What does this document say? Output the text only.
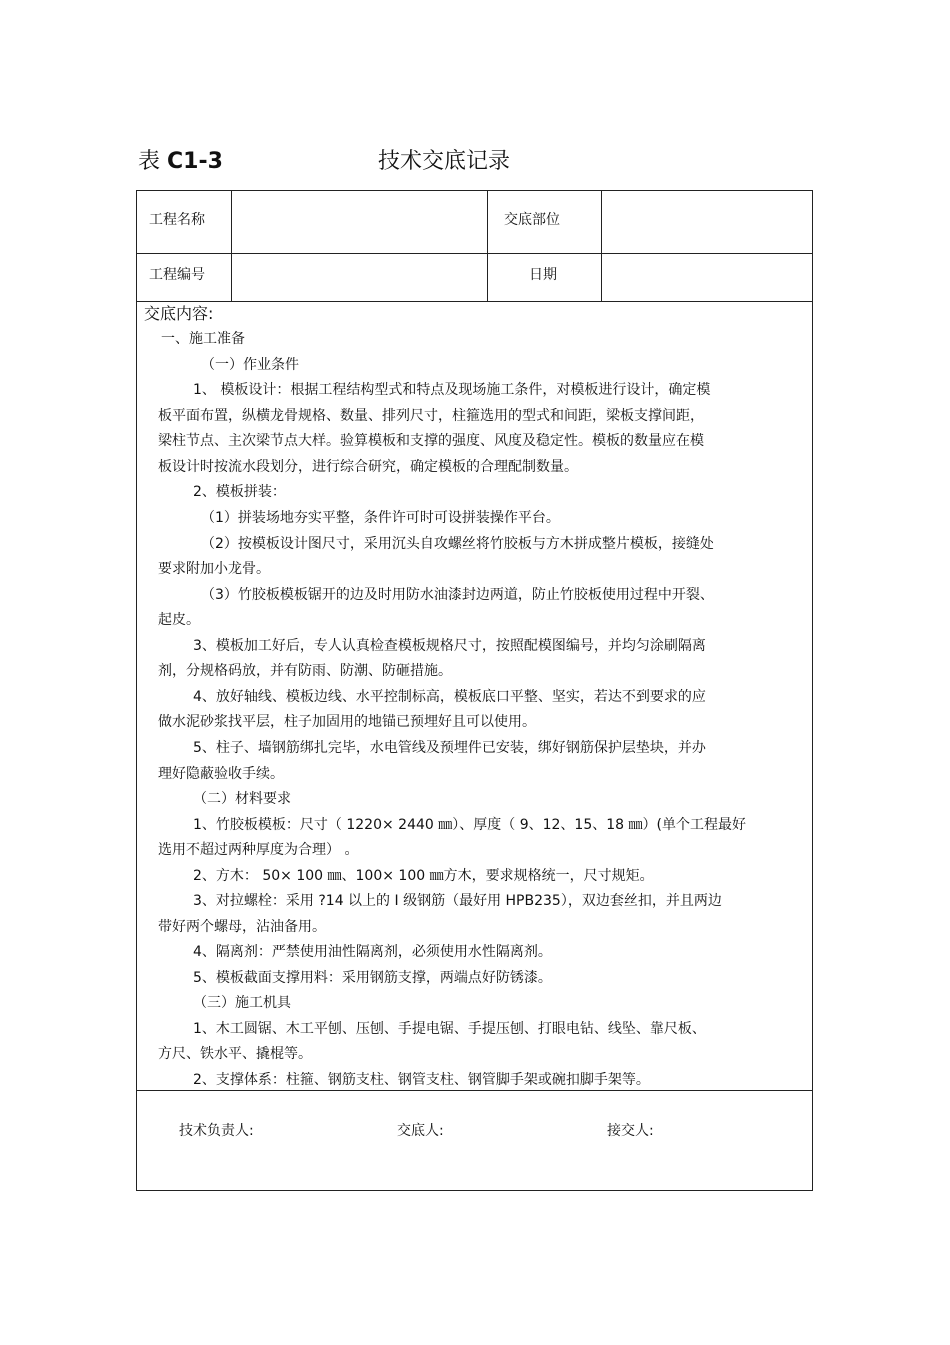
表 C1-3	技术交底记录
工程名称	交底部位
工程编号	日期
交底内容:
一、施工准备
（一）作业条件
1、 模板设计：根据工程结构型式和特点及现场施工条件，对模板进行设计，确定模
板平面布置，纵横龙骨规格、数量、排列尺寸，柱箍选用的型式和间距，梁板支撑间距，
梁柱节点、主次梁节点大样。验算模板和支撑的强度、风度及稳定性。模板的数量应在模
板设计时按流水段划分，进行综合研究，确定模板的合理配制数量。
2、模板拼装：
（1）拼装场地夯实平整，条件许可时可设拼装操作平台。
（2）按模板设计图尺寸，采用沉头自攻螺丝将竹胶板与方木拼成整片模板，接缝处
要求附加小龙骨。
（3）竹胶板模板锯开的边及时用防水油漆封边两道，防止竹胶板使用过程中开裂、
起皮。
3、模板加工好后，专人认真检查模板规格尺寸，按照配模图编号，并均匀涂刷隔离
剂，分规格码放，并有防雨、防潮、防砸措施。
4、放好轴线、模板边线、水平控制标高，模板底口平整、坚实，若达不到要求的应
做水泥砂浆找平层，柱子加固用的地锚已预埋好且可以使用。
5、柱子、墙钢筋绑扎完毕，水电管线及预埋件已安装，绑好钢筋保护层垫块，并办
理好隐蔽验收手续。
（二）材料要求
1、竹胶板模板：尺寸（ 1220× 2440 ㎜）、厚度（ 9、12、15、18 ㎜）(单个工程最好
选用不超过两种厚度为合理） 。
2、方木： 50× 100 ㎜、100× 100 ㎜方木，要求规格统一，尺寸规矩。
3、对拉螺栓：采用 ?14 以上的 I 级钢筋（最好用 HPB235），双边套丝扣，并且两边
带好两个螺母，沾油备用。
4、隔离剂：严禁使用油性隔离剂，必须使用水性隔离剂。
5、模板截面支撑用料：采用钢筋支撑，两端点好防锈漆。
（三）施工机具
1、木工圆锯、木工平刨、压刨、手提电锯、手提压刨、打眼电钻、线坠、靠尺板、
方尺、铁水平、撬棍等。
2、支撑体系：柱箍、钢筋支柱、钢管支柱、钢管脚手架或碗扣脚手架等。
技术负责人:	交底人:	接交人:
